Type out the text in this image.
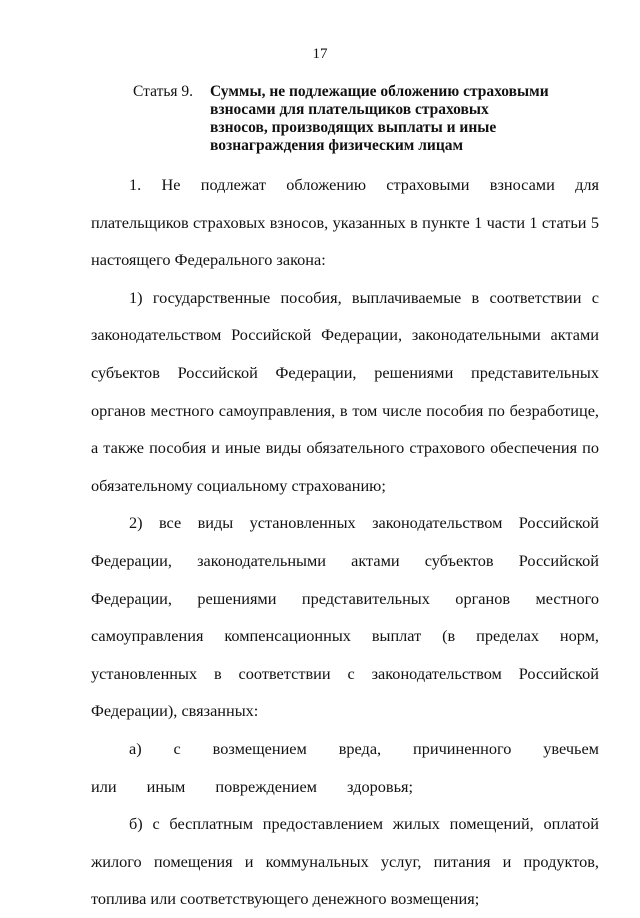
17
Статья 9. Суммы, не подлежащие обложению страховыми взносами для плательщиков страховых взносов, производящих выплаты и иные вознаграждения физическим лицам

1. Не подлежат обложению страховыми взносами для плательщиков страховых взносов, указанных в пункте 1 части 1 статьи 5 настоящего Федерального закона:

1) государственные пособия, выплачиваемые в соответствии с законодательством Российской Федерации, законодательными актами субъектов Российской Федерации, решениями представительных органов местного самоуправления, в том числе пособия по безработице, а также пособия и иные виды обязательного страхового обеспечения по обязательному социальному страхованию;

2) все виды установленных законодательством Российской Федерации, законодательными актами субъектов Российской Федерации, решениями представительных органов местного самоуправления компенсационных выплат (в пределах норм, установленных в соответствии с законодательством Российской Федерации), связанных:

а) с возмещением вреда, причиненного увечьем или иным повреждением здоровья;

б) с бесплатным предоставлением жилых помещений, оплатой жилого помещения и коммунальных услуг, питания и продуктов, топлива или соответствующего денежного возмещения;
